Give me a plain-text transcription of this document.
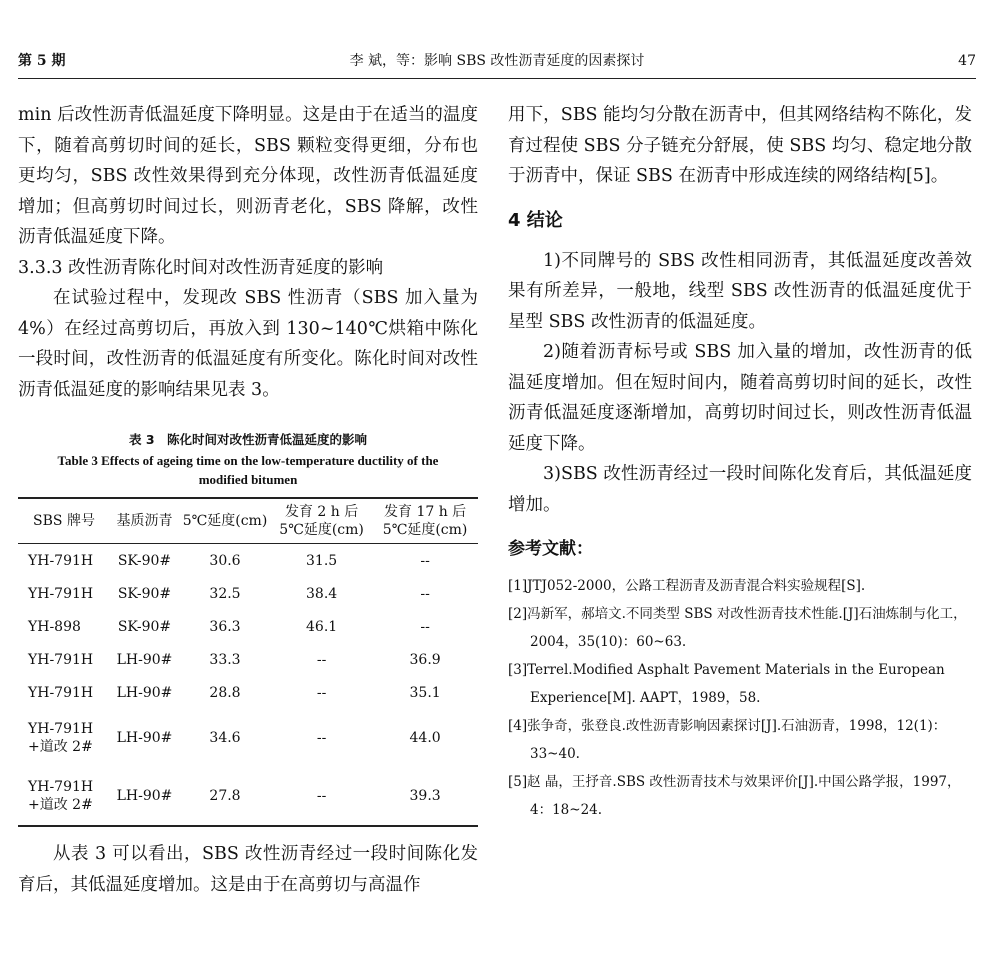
第 5 期	李 斌，等：影响 SBS 改性沥青延度的因素探讨	47

min 后改性沥青低温延度下降明显。这是由于在适当的温度下，随着高剪切时间的延长，SBS 颗粒变得更细，分布也更均匀，SBS 改性效果得到充分体现，改性沥青低温延度增加；但高剪切时间过长，则沥青老化，SBS 降解，改性沥青低温延度下降。

3.3.3 改性沥青陈化时间对改性沥青延度的影响

在试验过程中，发现改 SBS 性沥青（SBS 加入量为 4%）在经过高剪切后，再放入到 130~140℃烘箱中陈化一段时间，改性沥青的低温延度有所变化。陈化时间对改性沥青低温延度的影响结果见表 3。

表 3　陈化时间对改性沥青低温延度的影响

Table 3 Effects of ageing time on the low-temperature ductility of the modified bitumen

SBS 牌号	基质沥青	5℃延度(cm)	发育 2 h 后 5℃延度(cm)	发育 17 h 后 5℃延度(cm)
YH-791H	SK-90#	30.6	31.5	--
YH-791H	SK-90#	32.5	38.4	--
YH-898	SK-90#	36.3	46.1	--
YH-791H	LH-90#	33.3	--	36.9
YH-791H	LH-90#	28.8	--	35.1
YH-791H
+道改 2#	LH-90#	34.6	--	44.0
YH-791H
+道改 2#	LH-90#	27.8	--	39.3

从表 3 可以看出，SBS 改性沥青经过一段时间陈化发育后，其低温延度增加。这是由于在高剪切与高温作

用下，SBS 能均匀分散在沥青中，但其网络结构不陈化，发育过程使 SBS 分子链充分舒展，使 SBS 均匀、稳定地分散于沥青中，保证 SBS 在沥青中形成连续的网络结构[5]。

4 结论

1)不同牌号的 SBS 改性相同沥青，其低温延度改善效果有所差异，一般地，线型 SBS 改性沥青的低温延度优于星型 SBS 改性沥青的低温延度。

2)随着沥青标号或 SBS 加入量的增加，改性沥青的低温延度增加。但在短时间内，随着高剪切时间的延长，改性沥青低温延度逐渐增加，高剪切时间过长，则改性沥青低温延度下降。

3)SBS 改性沥青经过一段时间陈化发育后，其低温延度增加。

参考文献：

[1]JTJ052-2000，公路工程沥青及沥青混合料实验规程[S].

[2]冯新军，郝培文.不同类型 SBS 对改性沥青技术性能.[J]石油炼制与化工，2004，35(10)：60~63.

[3]Terrel.Modified Asphalt Pavement Materials in the European Experience[M]. AAPT，1989，58.

[4]张争奇，张登良.改性沥青影响因素探讨[J].石油沥青，1998，12(1)：33~40.

[5]赵 晶，王抒音.SBS 改性沥青技术与效果评价[J].中国公路学报，1997，4：18~24.
